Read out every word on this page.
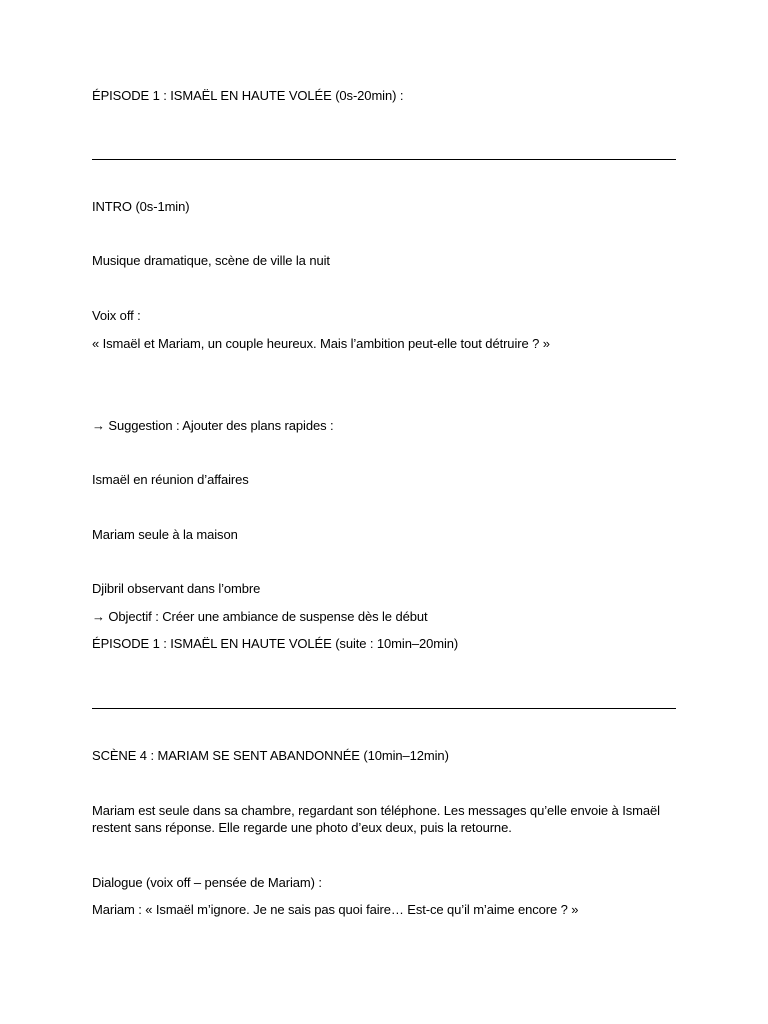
ÉPISODE 1 : ISMAËL EN HAUTE VOLÉE (0s-20min) :
INTRO (0s-1min)
Musique dramatique, scène de ville la nuit
Voix off :
« Ismaël et Mariam, un couple heureux. Mais l’ambition peut-elle tout détruire ? »
→ Suggestion : Ajouter des plans rapides :
Ismaël en réunion d’affaires
Mariam seule à la maison
Djibril observant dans l’ombre
→ Objectif : Créer une ambiance de suspense dès le début
ÉPISODE 1 : ISMAËL EN HAUTE VOLÉE (suite : 10min–20min)
SCÈNE 4 : MARIAM SE SENT ABANDONNÉE (10min–12min)
Mariam est seule dans sa chambre, regardant son téléphone. Les messages qu’elle envoie à Ismaël restent sans réponse. Elle regarde une photo d’eux deux, puis la retourne.
Dialogue (voix off – pensée de Mariam) :
Mariam : « Ismaël m’ignore. Je ne sais pas quoi faire… Est-ce qu’il m’aime encore ? »
